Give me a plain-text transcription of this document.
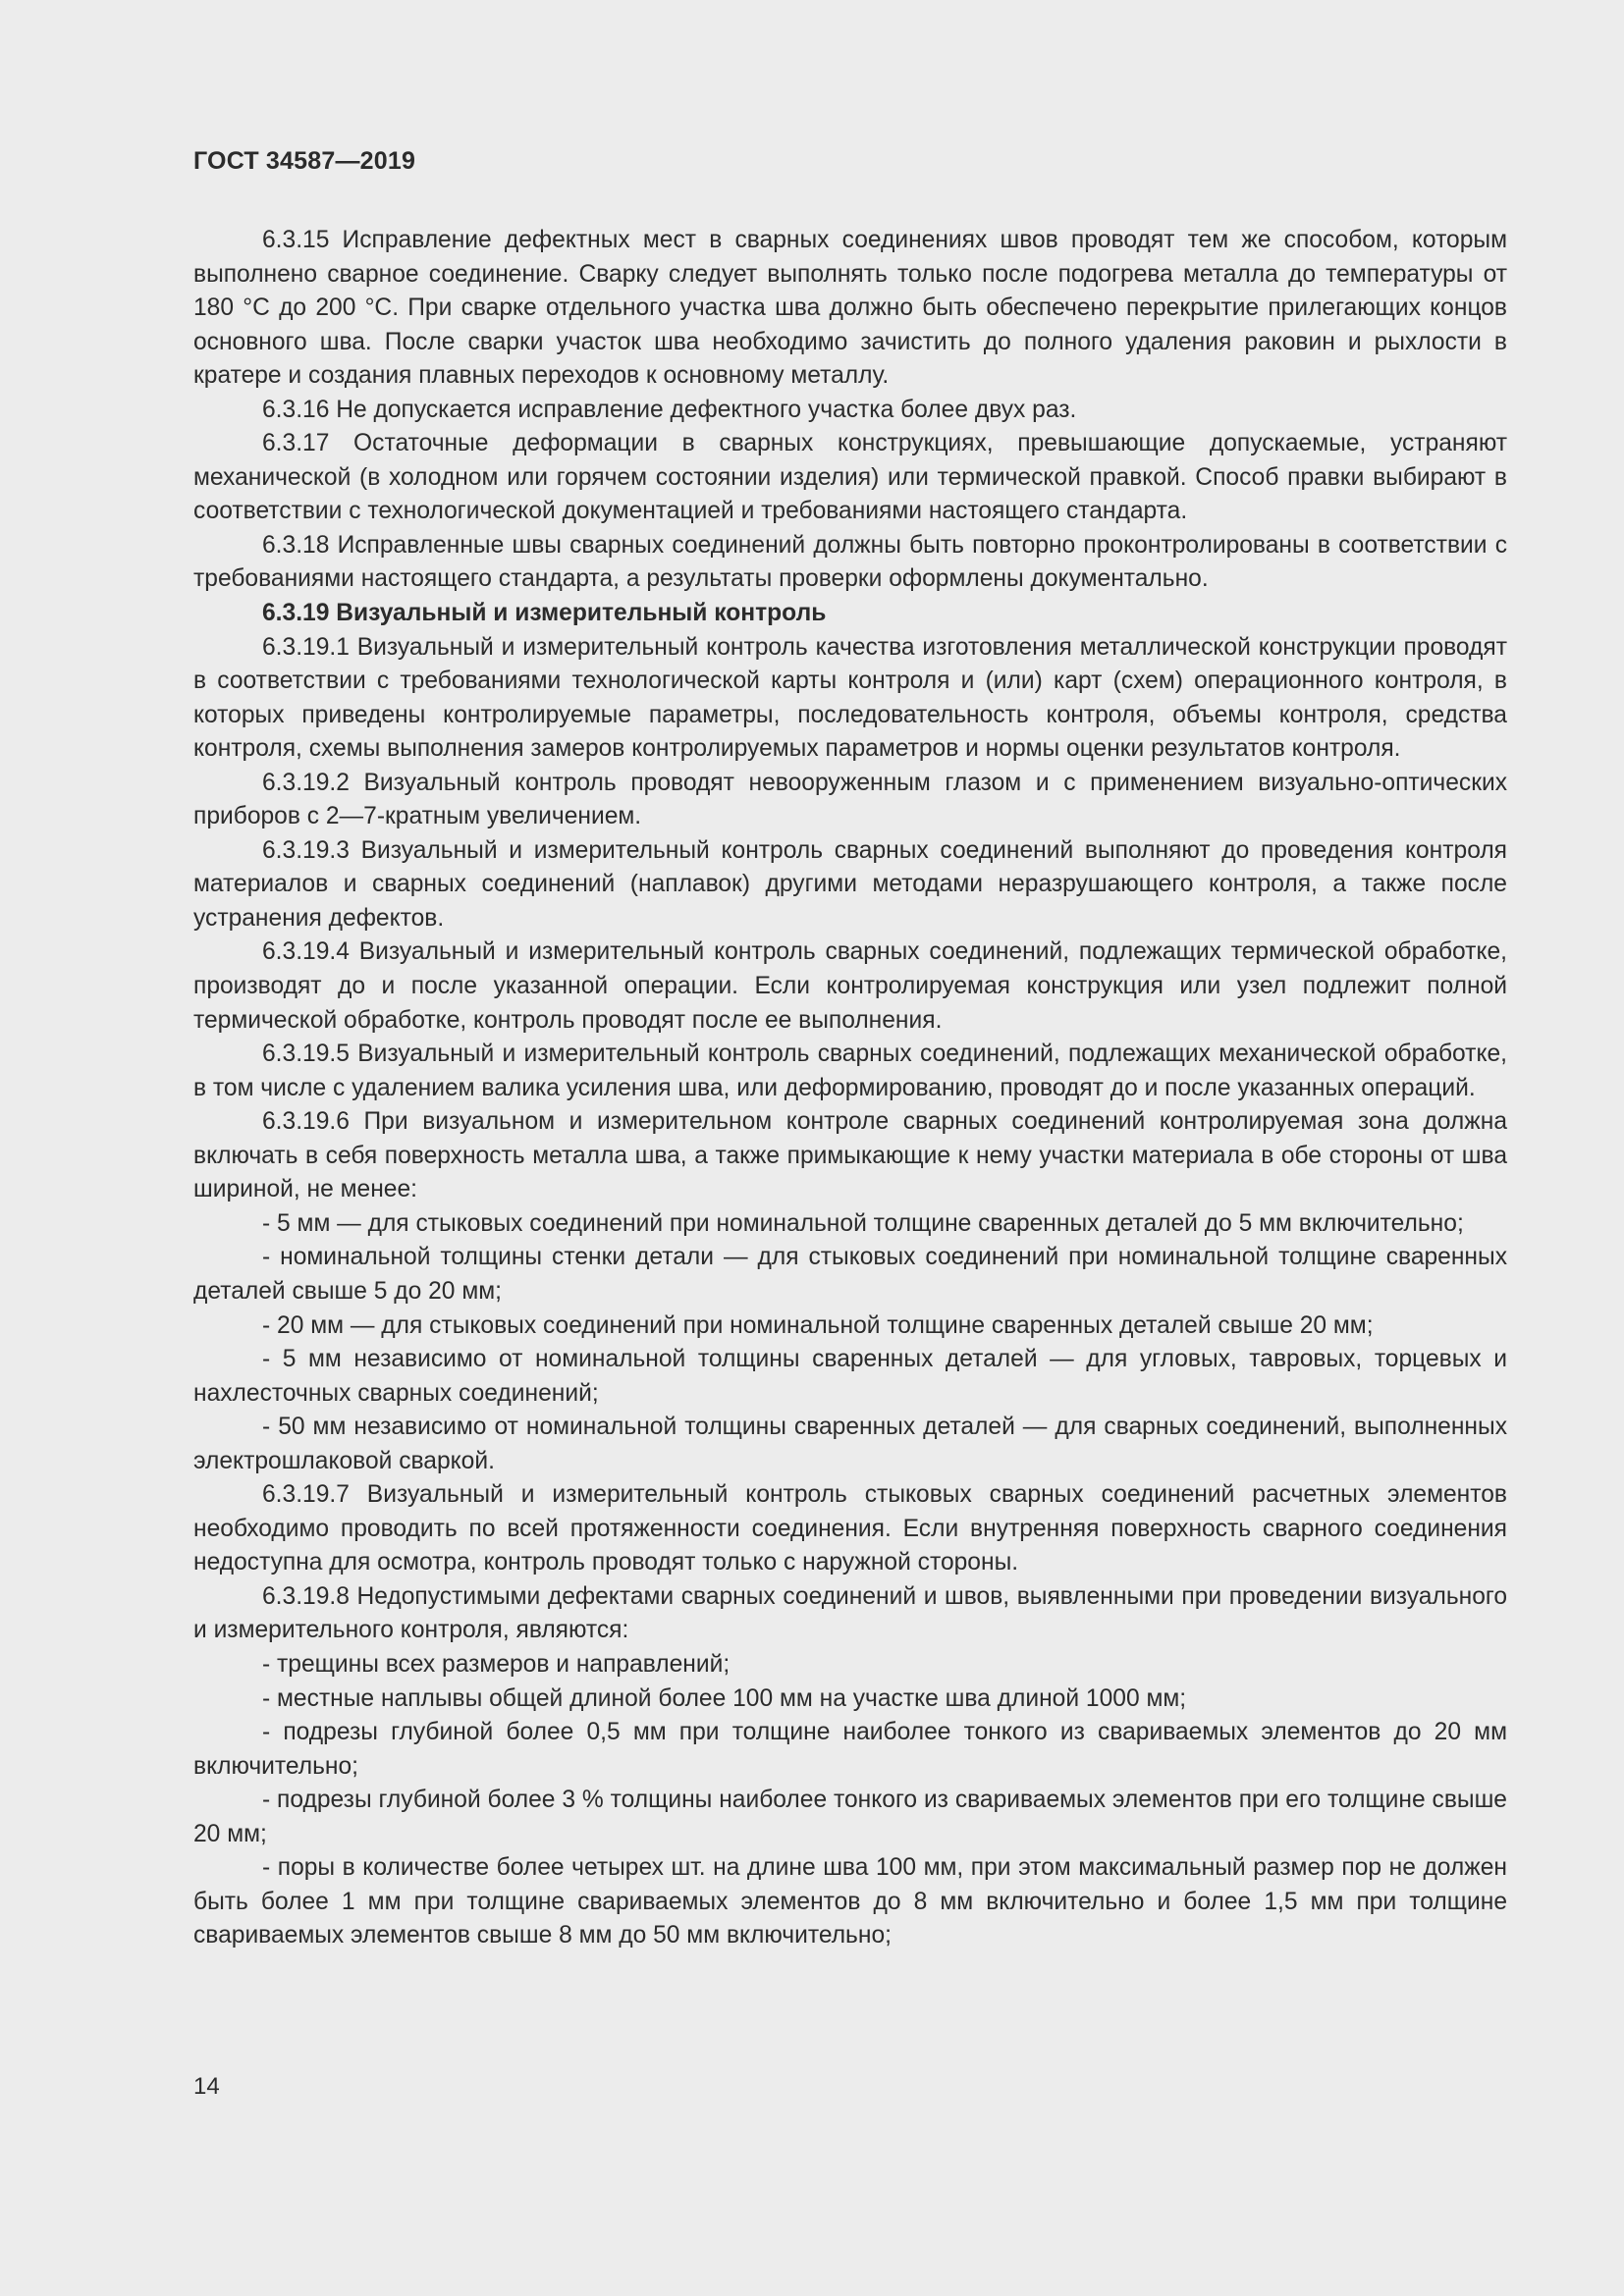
ГОСТ 34587—2019

6.3.15 Исправление дефектных мест в сварных соединениях швов проводят тем же способом, которым выполнено сварное соединение. Сварку следует выполнять только после подогрева металла до температуры от 180 °С до 200 °С. При сварке отдельного участка шва должно быть обеспечено перекрытие прилегающих концов основного шва. После сварки участок шва необходимо зачистить до полного удаления раковин и рыхлости в кратере и создания плавных переходов к основному металлу.

6.3.16 Не допускается исправление дефектного участка более двух раз.

6.3.17 Остаточные деформации в сварных конструкциях, превышающие допускаемые, устраняют механической (в холодном или горячем состоянии изделия) или термической правкой. Способ правки выбирают в соответствии с технологической документацией и требованиями настоящего стандарта.

6.3.18 Исправленные швы сварных соединений должны быть повторно проконтролированы в соответствии с требованиями настоящего стандарта, а результаты проверки оформлены документально.

6.3.19 Визуальный и измерительный контроль

6.3.19.1 Визуальный и измерительный контроль качества изготовления металлической конструкции проводят в соответствии с требованиями технологической карты контроля и (или) карт (схем) операционного контроля, в которых приведены контролируемые параметры, последовательность контроля, объемы контроля, средства контроля, схемы выполнения замеров контролируемых параметров и нормы оценки результатов контроля.

6.3.19.2 Визуальный контроль проводят невооруженным глазом и с применением визуально-оптических приборов с 2—7-кратным увеличением.

6.3.19.3 Визуальный и измерительный контроль сварных соединений выполняют до проведения контроля материалов и сварных соединений (наплавок) другими методами неразрушающего контроля, а также после устранения дефектов.

6.3.19.4 Визуальный и измерительный контроль сварных соединений, подлежащих термической обработке, производят до и после указанной операции. Если контролируемая конструкция или узел подлежит полной термической обработке, контроль проводят после ее выполнения.

6.3.19.5 Визуальный и измерительный контроль сварных соединений, подлежащих механической обработке, в том числе с удалением валика усиления шва, или деформированию, проводят до и после указанных операций.

6.3.19.6 При визуальном и измерительном контроле сварных соединений контролируемая зона должна включать в себя поверхность металла шва, а также примыкающие к нему участки материала в обе стороны от шва шириной, не менее:

- 5 мм — для стыковых соединений при номинальной толщине сваренных деталей до 5 мм включительно;

- номинальной толщины стенки детали — для стыковых соединений при номинальной толщине сваренных деталей свыше 5 до 20 мм;

- 20 мм — для стыковых соединений при номинальной толщине сваренных деталей свыше 20 мм;

- 5 мм независимо от номинальной толщины сваренных деталей — для угловых, тавровых, торцевых и нахлесточных сварных соединений;

- 50 мм независимо от номинальной толщины сваренных деталей — для сварных соединений, выполненных электрошлаковой сваркой.

6.3.19.7 Визуальный и измерительный контроль стыковых сварных соединений расчетных элементов необходимо проводить по всей протяженности соединения. Если внутренняя поверхность сварного соединения недоступна для осмотра, контроль проводят только с наружной стороны.

6.3.19.8 Недопустимыми дефектами сварных соединений и швов, выявленными при проведении визуального и измерительного контроля, являются:

- трещины всех размеров и направлений;

- местные наплывы общей длиной более 100 мм на участке шва длиной 1000 мм;

- подрезы глубиной более 0,5 мм при толщине наиболее тонкого из свариваемых элементов до 20 мм включительно;

- подрезы глубиной более 3 % толщины наиболее тонкого из свариваемых элементов при его толщине свыше 20 мм;

- поры в количестве более четырех шт. на длине шва 100 мм, при этом максимальный размер пор не должен быть более 1 мм при толщине свариваемых элементов до 8 мм включительно и более 1,5 мм при толщине свариваемых элементов свыше 8 мм до 50 мм включительно;

14
